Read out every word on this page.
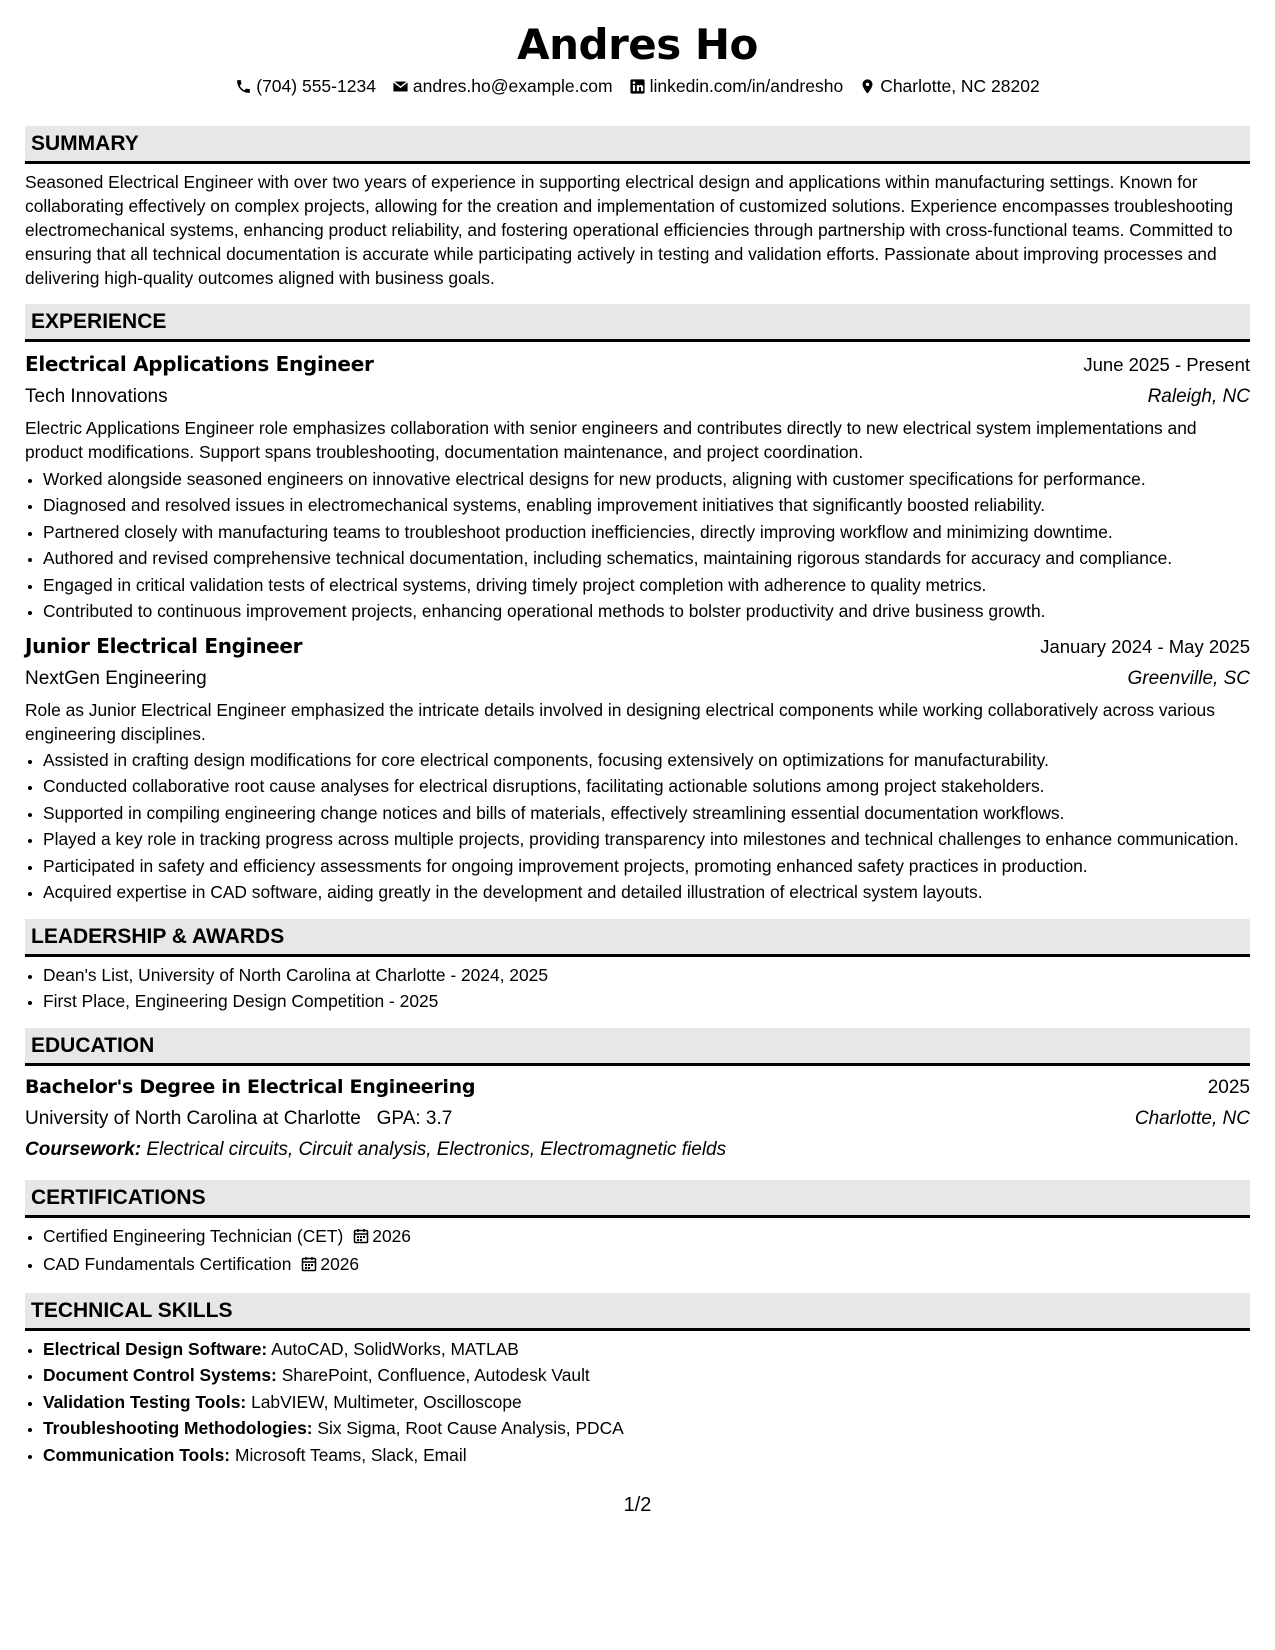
Andres Ho
(704) 555-1234 andres.ho@example.com linkedin.com/in/andresho Charlotte, NC 28202
SUMMARY

Seasoned Electrical Engineer with over two years of experience in supporting electrical design and applications within manufacturing settings. Known for collaborating effectively on complex projects, allowing for the creation and implementation of customized solutions. Experience encompasses troubleshooting electromechanical systems, enhancing product reliability, and fostering operational efficiencies through partnership with cross-functional teams. Committed to ensuring that all technical documentation is accurate while participating actively in testing and validation efforts. Passionate about improving processes and delivering high-quality outcomes aligned with business goals.

EXPERIENCE
Electrical Applications Engineer	June 2025 - Present
Tech Innovations	Raleigh, NC
Electric Applications Engineer role emphasizes collaboration with senior engineers and contributes directly to new electrical system implementations and product modifications. Support spans troubleshooting, documentation maintenance, and project coordination.
• Worked alongside seasoned engineers on innovative electrical designs for new products, aligning with customer specifications for performance.
• Diagnosed and resolved issues in electromechanical systems, enabling improvement initiatives that significantly boosted reliability.
• Partnered closely with manufacturing teams to troubleshoot production inefficiencies, directly improving workflow and minimizing downtime.
• Authored and revised comprehensive technical documentation, including schematics, maintaining rigorous standards for accuracy and compliance.
• Engaged in critical validation tests of electrical systems, driving timely project completion with adherence to quality metrics.
• Contributed to continuous improvement projects, enhancing operational methods to bolster productivity and drive business growth.
Junior Electrical Engineer	January 2024 - May 2025
NextGen Engineering	Greenville, SC
Role as Junior Electrical Engineer emphasized the intricate details involved in designing electrical components while working collaboratively across various engineering disciplines.
• Assisted in crafting design modifications for core electrical components, focusing extensively on optimizations for manufacturability.
• Conducted collaborative root cause analyses for electrical disruptions, facilitating actionable solutions among project stakeholders.
• Supported in compiling engineering change notices and bills of materials, effectively streamlining essential documentation workflows.
• Played a key role in tracking progress across multiple projects, providing transparency into milestones and technical challenges to enhance communication.
• Participated in safety and efficiency assessments for ongoing improvement projects, promoting enhanced safety practices in production.
• Acquired expertise in CAD software, aiding greatly in the development and detailed illustration of electrical system layouts.
LEADERSHIP & AWARDS
• Dean's List, University of North Carolina at Charlotte - 2024, 2025
• First Place, Engineering Design Competition - 2025
EDUCATION
Bachelor's Degree in Electrical Engineering	2025
University of North Carolina at Charlotte GPA: 3.7	Charlotte, NC
Coursework: Electrical circuits, Circuit analysis, Electronics, Electromagnetic fields
CERTIFICATIONS
• Certified Engineering Technician (CET) 2026
• CAD Fundamentals Certification 2026
TECHNICAL SKILLS
• Electrical Design Software: AutoCAD, SolidWorks, MATLAB
• Document Control Systems: SharePoint, Confluence, Autodesk Vault
• Validation Testing Tools: LabVIEW, Multimeter, Oscilloscope
• Troubleshooting Methodologies: Six Sigma, Root Cause Analysis, PDCA
• Communication Tools: Microsoft Teams, Slack, Email
1/2
